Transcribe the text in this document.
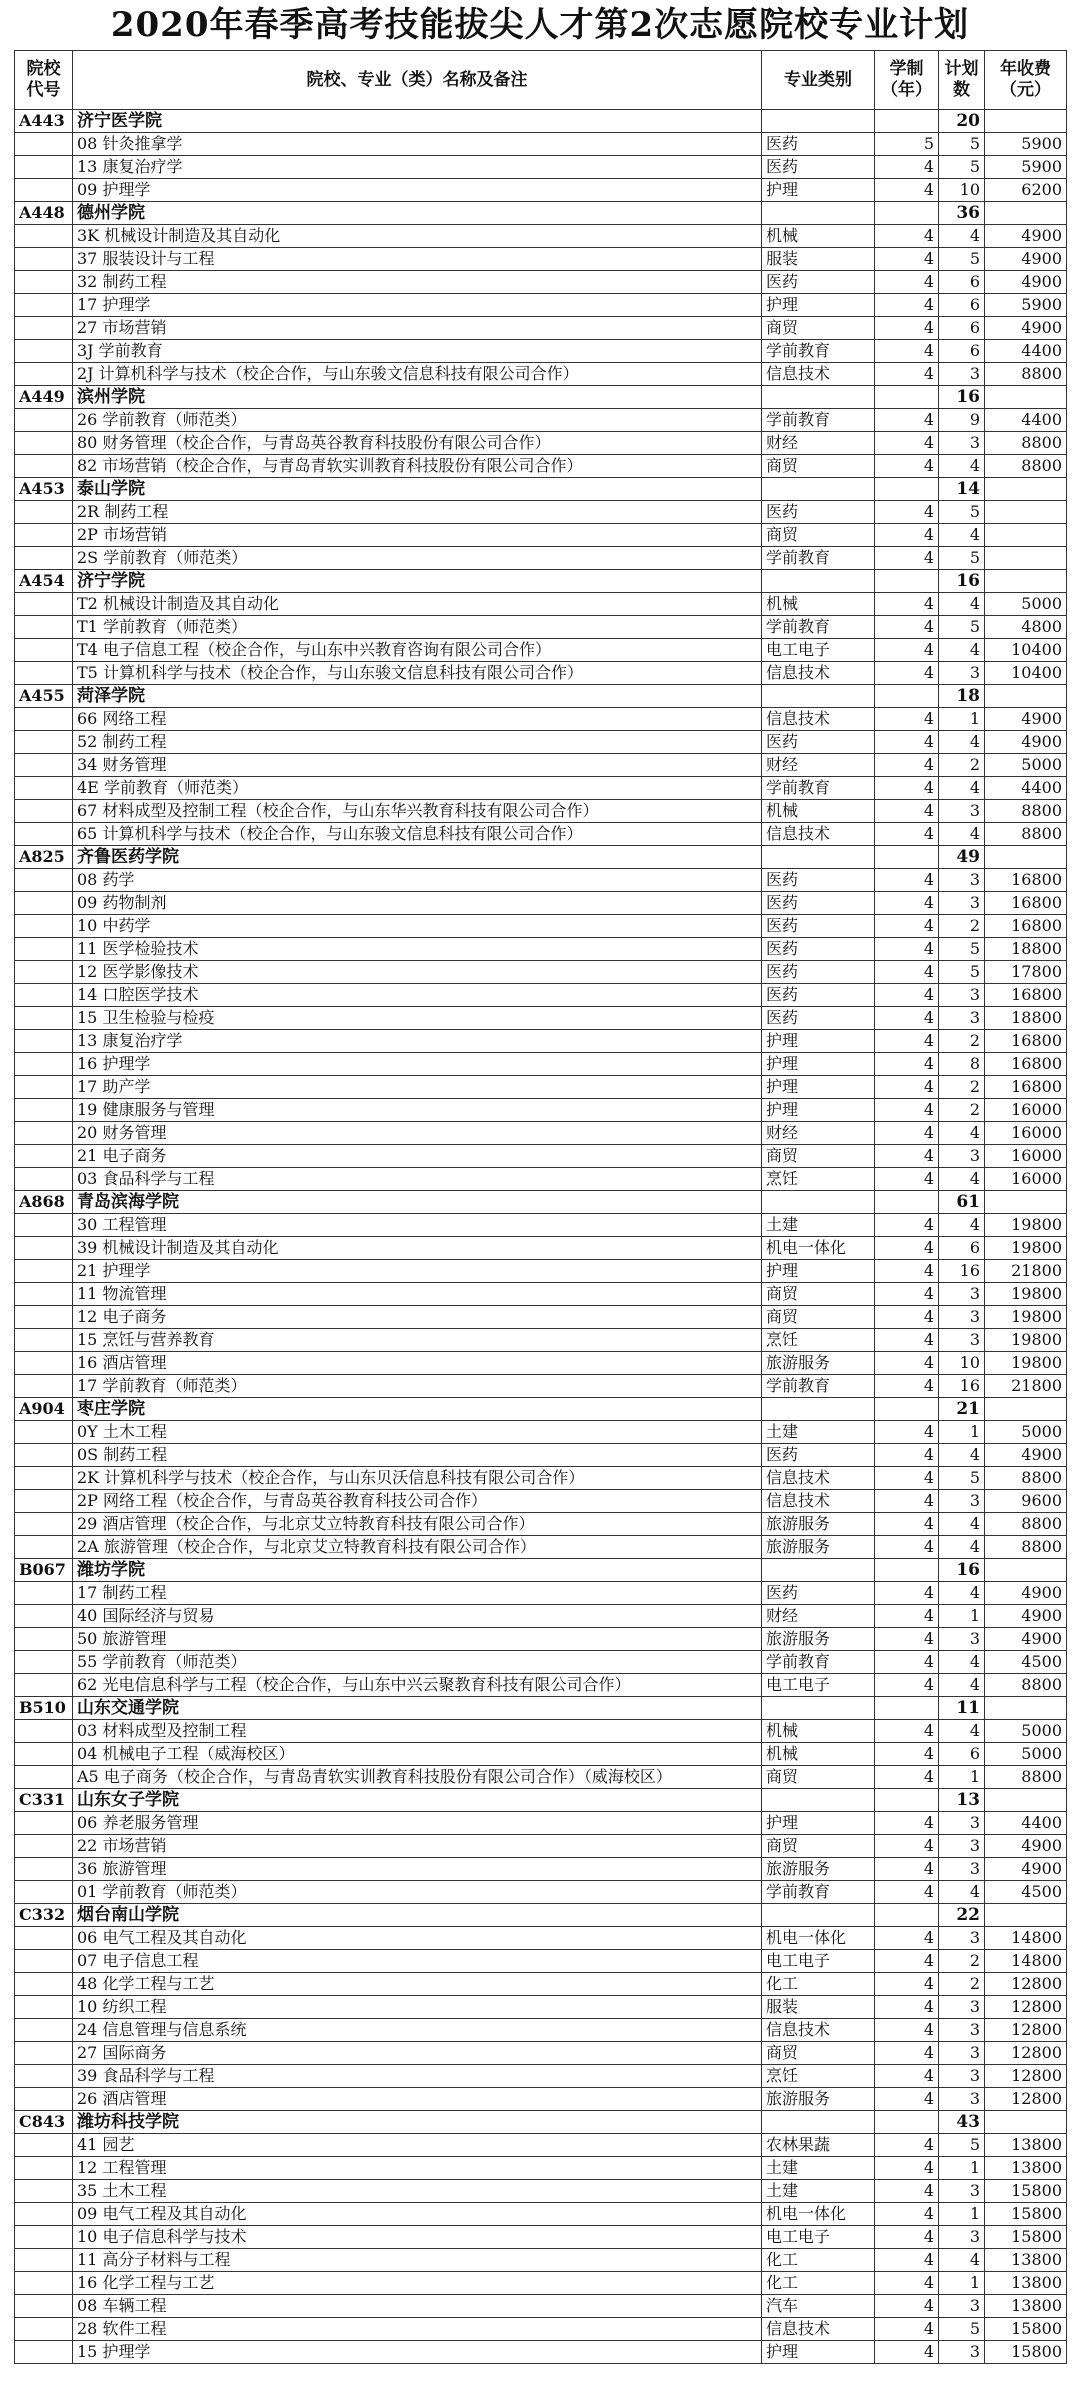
2020年春季高考技能拔尖人才第2次志愿院校专业计划
院校代号	院校、专业（类）名称及备注	专业类别	学制（年）	计划数	年收费（元）
A443	济宁医学院			20	
	08 针灸推拿学	医药	5	5	5900
	13 康复治疗学	医药	4	5	5900
	09 护理学	护理	4	10	6200
A448	德州学院			36	
	3K 机械设计制造及其自动化	机械	4	4	4900
	37 服装设计与工程	服装	4	5	4900
	32 制药工程	医药	4	6	4900
	17 护理学	护理	4	6	5900
	27 市场营销	商贸	4	6	4900
	3J 学前教育	学前教育	4	6	4400
	2J 计算机科学与技术（校企合作，与山东骏文信息科技有限公司合作）	信息技术	4	3	8800
A449	滨州学院			16	
	26 学前教育（师范类）	学前教育	4	9	4400
	80 财务管理（校企合作，与青岛英谷教育科技股份有限公司合作）	财经	4	3	8800
	82 市场营销（校企合作，与青岛青软实训教育科技股份有限公司合作）	商贸	4	4	8800
A453	泰山学院			14	
	2R 制药工程	医药	4	5	
	2P 市场营销	商贸	4	4	
	2S 学前教育（师范类）	学前教育	4	5	
A454	济宁学院			16	
	T2 机械设计制造及其自动化	机械	4	4	5000
	T1 学前教育（师范类）	学前教育	4	5	4800
	T4 电子信息工程（校企合作，与山东中兴教育咨询有限公司合作）	电工电子	4	4	10400
	T5 计算机科学与技术（校企合作，与山东骏文信息科技有限公司合作）	信息技术	4	3	10400
A455	菏泽学院			18	
	66 网络工程	信息技术	4	1	4900
	52 制药工程	医药	4	4	4900
	34 财务管理	财经	4	2	5000
	4E 学前教育（师范类）	学前教育	4	4	4400
	67 材料成型及控制工程（校企合作，与山东华兴教育科技有限公司合作）	机械	4	3	8800
	65 计算机科学与技术（校企合作，与山东骏文信息科技有限公司合作）	信息技术	4	4	8800
A825	齐鲁医药学院			49	
	08 药学	医药	4	3	16800
	09 药物制剂	医药	4	3	16800
	10 中药学	医药	4	2	16800
	11 医学检验技术	医药	4	5	18800
	12 医学影像技术	医药	4	5	17800
	14 口腔医学技术	医药	4	3	16800
	15 卫生检验与检疫	医药	4	3	18800
	13 康复治疗学	护理	4	2	16800
	16 护理学	护理	4	8	16800
	17 助产学	护理	4	2	16800
	19 健康服务与管理	护理	4	2	16000
	20 财务管理	财经	4	4	16000
	21 电子商务	商贸	4	3	16000
	03 食品科学与工程	烹饪	4	4	16000
A868	青岛滨海学院			61	
	30 工程管理	土建	4	4	19800
	39 机械设计制造及其自动化	机电一体化	4	6	19800
	21 护理学	护理	4	16	21800
	11 物流管理	商贸	4	3	19800
	12 电子商务	商贸	4	3	19800
	15 烹饪与营养教育	烹饪	4	3	19800
	16 酒店管理	旅游服务	4	10	19800
	17 学前教育（师范类）	学前教育	4	16	21800
A904	枣庄学院			21	
	0Y 土木工程	土建	4	1	5000
	0S 制药工程	医药	4	4	4900
	2K 计算机科学与技术（校企合作，与山东贝沃信息科技有限公司合作）	信息技术	4	5	8800
	2P 网络工程（校企合作，与青岛英谷教育科技公司合作）	信息技术	4	3	9600
	29 酒店管理（校企合作，与北京艾立特教育科技有限公司合作）	旅游服务	4	4	8800
	2A 旅游管理（校企合作，与北京艾立特教育科技有限公司合作）	旅游服务	4	4	8800
B067	潍坊学院			16	
	17 制药工程	医药	4	4	4900
	40 国际经济与贸易	财经	4	1	4900
	50 旅游管理	旅游服务	4	3	4900
	55 学前教育（师范类）	学前教育	4	4	4500
	62 光电信息科学与工程（校企合作，与山东中兴云聚教育科技有限公司合作）	电工电子	4	4	8800
B510	山东交通学院			11	
	03 材料成型及控制工程	机械	4	4	5000
	04 机械电子工程（威海校区）	机械	4	6	5000
	A5 电子商务（校企合作，与青岛青软实训教育科技股份有限公司合作）（威海校区）	商贸	4	1	8800
C331	山东女子学院			13	
	06 养老服务管理	护理	4	3	4400
	22 市场营销	商贸	4	3	4900
	36 旅游管理	旅游服务	4	3	4900
	01 学前教育（师范类）	学前教育	4	4	4500
C332	烟台南山学院			22	
	06 电气工程及其自动化	机电一体化	4	3	14800
	07 电子信息工程	电工电子	4	2	14800
	48 化学工程与工艺	化工	4	2	12800
	10 纺织工程	服装	4	3	12800
	24 信息管理与信息系统	信息技术	4	3	12800
	27 国际商务	商贸	4	3	12800
	39 食品科学与工程	烹饪	4	3	12800
	26 酒店管理	旅游服务	4	3	12800
C843	潍坊科技学院			43	
	41 园艺	农林果蔬	4	5	13800
	12 工程管理	土建	4	1	13800
	35 土木工程	土建	4	3	15800
	09 电气工程及其自动化	机电一体化	4	1	15800
	10 电子信息科学与技术	电工电子	4	3	15800
	11 高分子材料与工程	化工	4	4	13800
	16 化学工程与工艺	化工	4	1	13800
	08 车辆工程	汽车	4	3	13800
	28 软件工程	信息技术	4	5	15800
	15 护理学	护理	4	3	15800
